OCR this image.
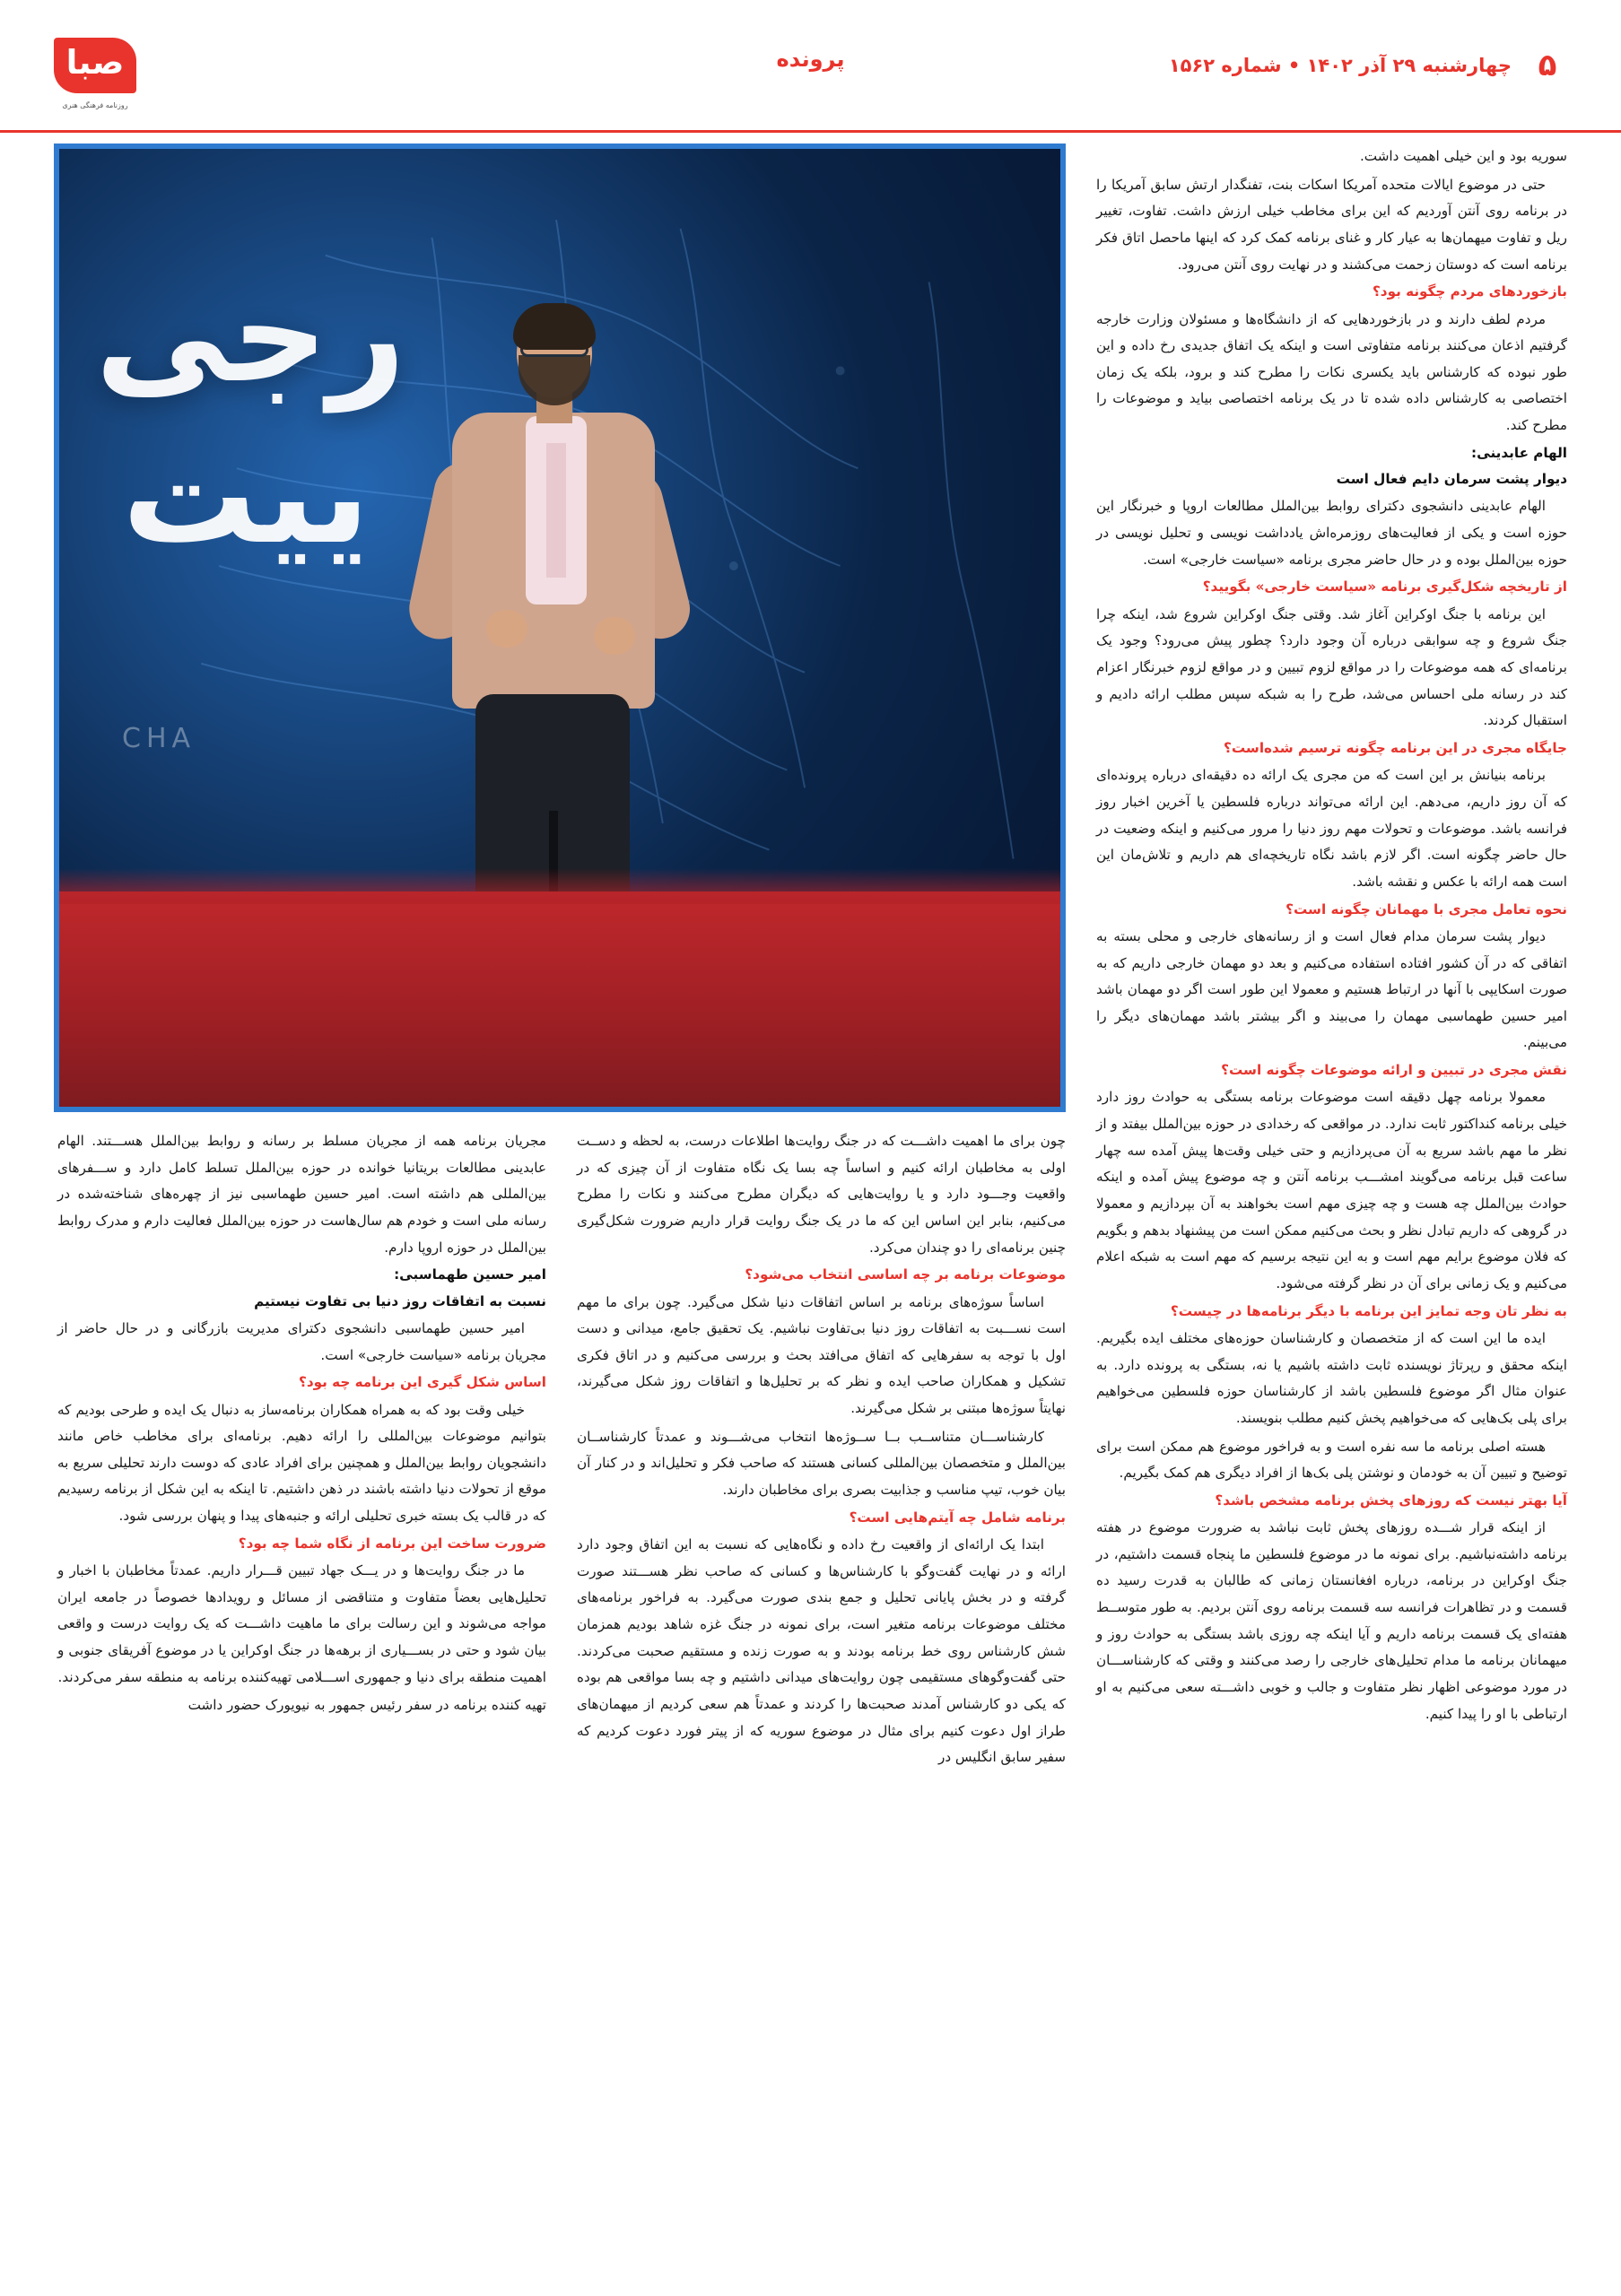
۵
چهارشنبه ۲۹ آذر ۱۴۰۲ • شماره ۱۵۶۲
پرونده
صبا
روزنامه فرهنگی هنری

سوریه بود و این خیلی اهمیت داشت.

حتی در موضوع ایالات متحده آمریکا اسکات بنت، تفنگدار ارتش سابق آمریکا را در برنامه روی آنتن آوردیم که این برای مخاطب خیلی ارزش داشت. تفاوت، تغییر ریل و تفاوت میهمان‌ها به عیار کار و غنای برنامه کمک کرد که اینها ماحصل اتاق فکر برنامه است که دوستان زحمت می‌کشند و در نهایت روی آنتن می‌رود.

بازخوردهای مردم چگونه بود؟

مردم لطف دارند و در بازخورد‌هایی که از دانشگاه‌ها و مسئولان وزارت خارجه گرفتیم اذعان می‌کنند برنامه متفاوتی است و اینکه یک اتفاق جدیدی رخ داده و این طور نبوده که کارشناس باید یکسری نکات را مطرح کند و برود، بلکه یک زمان اختصاصی به کارشناس داده شده تا در یک برنامه اختصاصی بیاید و موضوعات را مطرح کند.

الهام عابدینی:

دیوار پشت سرمان دایم فعال است

الهام عابدینی دانشجوی دکترای روابط بین‌الملل مطالعات اروپا و خبرنگار این حوزه است و یکی از فعالیت‌های روزمره‌اش یادداشت نویسی و تحلیل نویسی در حوزه بین‌الملل بوده و در حال حاضر مجری برنامه «سیاست خارجی» است.

از تاریخچه شکل‌گیری برنامه «سیاست خارجی» بگویید؟

این برنامه با جنگ اوکراین آغاز شد. وقتی جنگ اوکراین شروع شد، اینکه چرا جنگ شروع و چه سوابقی درباره آن وجود دارد؟ چطور پیش می‌رود؟ وجود یک برنامه‌ای که همه موضوعات را در مواقع لزوم تبیین و در مواقع لزوم خبرنگار اعزام کند در رسانه ملی احساس می‌شد، طرح را به شبکه سپس مطلب ارائه دادیم و استقبال کردند.

جایگاه مجری در این برنامه چگونه ترسیم شده‌است؟

برنامه بنیانش بر این است که من مجری یک ارائه ده دقیقه‌ای درباره پرونده‌ای که آن روز داریم، می‌دهم. این ارائه می‌تواند درباره فلسطین یا آخرین اخبار روز فرانسه باشد. موضوعات و تحولات مهم روز دنیا را مرور می‌کنیم و اینکه وضعیت در حال حاضر چگونه است. اگر لازم باشد نگاه تاریخچه‌ای هم داریم و تلاش‌مان این است همه ارائه با عکس و نقشه باشد.

نحوه تعامل مجری با مهمانان چگونه است؟

دیوار پشت سرمان مدام فعال است و از رسانه‌های خارجی و محلی بسته به اتفاقی که در آن کشور افتاده استفاده می‌کنیم و بعد دو مهمان خارجی داریم که به صورت اسکایپی با آنها در ارتباط هستیم و معمولا این طور است اگر دو مهمان باشد امیر حسین طهماسبی مهمان را می‌بیند و اگر بیشتر باشد مهمان‌های دیگر را می‌بینم.

نقش مجری در تبیین و ارائه موضوعات چگونه است؟

معمولا برنامه چهل دقیقه است موضوعات برنامه بستگی به حوادث روز دارد خیلی برنامه کنداکتور ثابت ندارد. در مواقعی که رخدادی در حوزه بین‌الملل بیفتد و از نظر ما مهم باشد سریع به آن می‌پردازیم و حتی خیلی وقت‌ها پیش آمده سه چهار ساعت قبل برنامه می‌گویند امشـــب برنامه آنتن و چه موضوع پیش آمده و اینکه حوادث بین‌الملل چه هست و چه چیزی مهم است بخواهند به آن بپردازیم و معمولا در گروهی که داریم تبادل نظر و بحث می‌کنیم ممکن است من پیشنهاد بدهم و بگویم که فلان موضوع برایم مهم است و به این نتیجه برسیم که مهم است به شبکه اعلام می‌کنیم و یک زمانی برای آن در نظر گرفته می‌شود.

به نظر تان وجه تمایز این برنامه با دیگر برنامه‌ها در چیست؟

ایده ما این است که از متخصصان و کارشناسان حوزه‌های مختلف ایده بگیریم. اینکه محقق و رپرتاژ نویسنده ثابت داشته باشیم یا نه، بستگی به پرونده دارد. به عنوان مثال اگر موضوع فلسطین باشد از کارشناسان حوزه فلسطین می‌خواهیم برای پلی بک‌هایی که می‌خواهیم پخش کنیم مطلب بنویسند.

هسته اصلی برنامه ما سه نفره است و به فراخور موضوع هم ممکن است برای توضیح و تبیین آن به خودمان و نوشتن پلی بک‌ها از افراد دیگری هم کمک بگیریم.

آیا بهتر نیست که روزهای پخش برنامه مشخص باشد؟

از اینکه قرار شـــده روزهای پخش ثابت نباشد به ضرورت موضوع در هفته برنامه داشته‌نباشیم. برای نمونه ما در موضوع فلسطین ما پنجاه قسمت داشتیم، در جنگ اوکراین در برنامه، درباره افغانستان زمانی که طالبان به قدرت رسید ده قسمت و در تظاهرات فرانسه سه قسمت برنامه روی آنتن بردیم. به طور متوســط هفته‌ای یک قسمت برنامه داریم و آیا اینکه چه روزی باشد بستگی به حوادث روز و میهمانان برنامه ما مدام تحلیل‌های خارجی را رصد می‌کنند و وقتی که کارشناســـان در مورد موضوعی اظهار نظر متفاوت و جالب و خوبی داشـــته سعی می‌کنیم به او ارتباطی با او را پیدا کنیم.

رجی
ییت
CHA

چون برای ما اهمیت داشـــت که در جنگ روایت‌ها اطلاعات درست، به لحظه و دســت اولی به مخاطبان ارائه کنیم و اساساً چه بسا یک نگاه متفاوت از آن چیزی که در واقعیت وجـــود دارد و یا روایت‌هایی که دیگران مطرح می‌کنند و نکات را مطرح می‌کنیم، بنابر این اساس این که ما در یک جنگ روایت قرار داریم ضرورت شکل‌گیری چنین برنامه‌ای را دو چندان می‌کرد.

موضوعات برنامه بر چه اساسی انتخاب می‌شود؟

اساساً سوژه‌های برنامه بر اساس اتفاقات دنیا شکل می‌گیرد. چون برای ما مهم است نســـبت به اتفاقات روز دنیا بی‌تفاوت نباشیم. یک تحقیق جامع، میدانی و دست اول با توجه به سفرهایی که اتفاق می‌افتد بحث و بررسی می‌کنیم و در اتاق فکری تشکیل و همکاران صاحب ایده و نظر که بر تحلیل‌ها و اتفاقات روز شکل می‌گیرند، نهایتاً سوژه‌ها مبتنی بر شکل می‌گیرند.

کارشناســـان متناســب بــا ســوژه‌ها انتخاب می‌شـــوند و عمدتاً کارشناســان بین‌الملل و متخصصان بین‌المللی کسانی هستند که صاحب فکر و تحلیل‌اند و در کنار آن بیان خوب، تیپ مناسب و جذابیت بصری برای مخاطبان دارند.

برنامه شامل چه آیتم‌هایی است؟

ابتدا یک ارائه‌ای از واقعیت رخ داده و نگاه‌هایی که نسبت به این اتفاق وجود دارد ارائه و در نهایت گفت‌وگو با کارشناس‌ها و کسانی که صاحب نظر هســـتند صورت گرفته و در بخش پایانی تحلیل و جمع بندی صورت می‌گیرد. به فراخور برنامه‌های مختلف موضوعات برنامه متغیر است، برای نمونه در جنگ غزه شاهد بودیم همزمان شش کارشناس روی خط برنامه بودند و به صورت زنده و مستقیم صحبت می‌کردند. حتی گفت‌وگوهای مستقیمی چون روایت‌های میدانی داشتیم و چه بسا مواقعی هم بوده که یکی دو کارشناس آمدند صحبت‌ها را کردند و عمدتاً هم سعی کردیم از میهمان‌های طراز اول دعوت کنیم برای مثال در موضوع سوریه که از پیتر فورد دعوت کردیم که سفیر سابق انگلیس در

مجریان برنامه همه از مجریان مسلط بر رسانه و روابط بین‌الملل هســـتند. الهام عابدینی مطالعات بریتانیا خوانده در حوزه بین‌الملل تسلط کامل دارد و ســـفرهای بین‌المللی هم داشته است. امیر حسین طهماسبی نیز از چهره‌های شناخته‌شده در رسانه ملی است و خودم هم سال‌هاست در حوزه بین‌الملل فعالیت دارم و مدرک روابط بین‌الملل در حوزه اروپا دارم.

امیر حسین طهماسبی:

نسبت به اتفاقات روز دنیا بی تفاوت نیستیم

امیر حسین طهماسبی دانشجوی دکترای مدیریت بازرگانی و در حال حاضر از مجریان برنامه «سیاست خارجی» است.

اساس شکل گیری این برنامه چه بود؟

خیلی وقت بود که به همراه همکاران برنامه‌ساز به دنبال یک ایده و طرحی بودیم که بتوانیم موضوعات بین‌المللی را ارائه دهیم. برنامه‌ای برای مخاطب خاص مانند دانشجویان روابط بین‌الملل و همچنین برای افراد عادی که دوست دارند تحلیلی سریع به موقع از تحولات دنیا داشته باشند در ذهن داشتیم. تا اینکه به این شکل از برنامه رسیدیم که در قالب یک بسته خبری تحلیلی ارائه و جنبه‌های پیدا و پنهان بررسی شود.

ضرورت ساخت این برنامه از نگاه شما چه بود؟

ما در جنگ روایت‌ها و در یـــک جهاد تبیین قـــرار داریم. عمدتاً مخاطبان با اخبار و تحلیل‌هایی بعضاً متفاوت و متناقضی از مسائل و رویدادها خصوصاً در جامعه ایران مواجه می‌شوند و این رسالت برای ما ماهیت داشـــت که یک روایت درست و واقعی بیان شود و حتی در بســـیاری از برهه‌ها در جنگ اوکراین یا در موضوع آفریقای جنوبی و اهمیت منطقه برای دنیا و جمهوری اســـلامی تهیه‌کننده برنامه به منطقه سفر می‌کردند.

تهیه کننده برنامه در سفر رئیس جمهور به نیویورک حضور داشت
